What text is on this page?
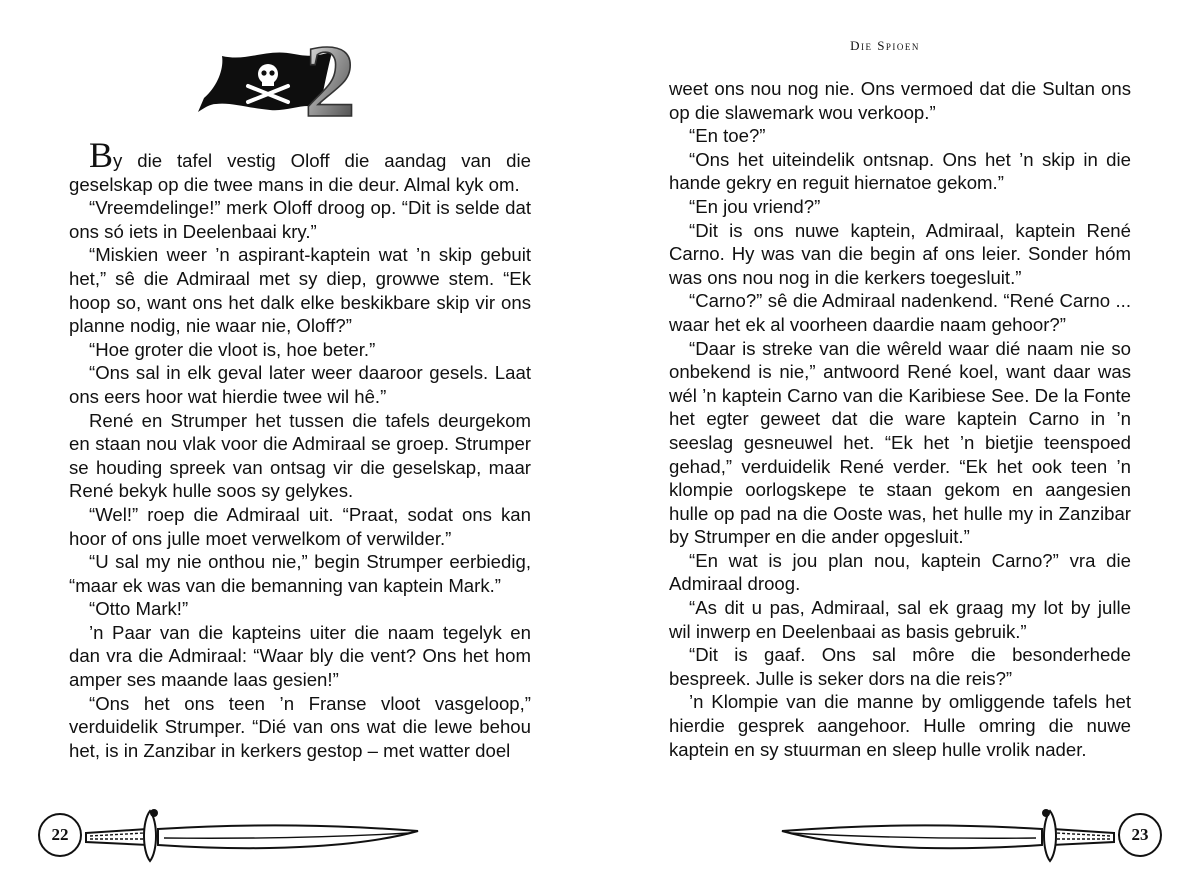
2

By die tafel vestig Oloff die aandag van die geselskap op die twee mans in die deur. Almal kyk om.

“Vreemdelinge!” merk Oloff droog op. “Dit is selde dat ons só iets in Deelenbaai kry.”

“Miskien weer ’n aspirant-kaptein wat ’n skip gebuit het,” sê die Admiraal met sy diep, growwe stem. “Ek hoop so, want ons het dalk elke beskikbare skip vir ons planne nodig, nie waar nie, Oloff?”

“Hoe groter die vloot is, hoe beter.”

“Ons sal in elk geval later weer daaroor gesels. Laat ons eers hoor wat hierdie twee wil hê.”

René en Strumper het tussen die tafels deurgekom en staan nou vlak voor die Admiraal se groep. Strumper se houding spreek van ontsag vir die geselskap, maar René bekyk hulle soos sy gelykes.

“Wel!” roep die Admiraal uit. “Praat, sodat ons kan hoor of ons julle moet verwelkom of verwilder.”

“U sal my nie onthou nie,” begin Strumper eerbiedig, “maar ek was van die bemanning van kaptein Mark.”

“Otto Mark!”

’n Paar van die kapteins uiter die naam tegelyk en dan vra die Admiraal: “Waar bly die vent? Ons het hom amper ses maande laas gesien!”

“Ons het ons teen ’n Franse vloot vasgeloop,” verduidelik Strumper. “Dié van ons wat die lewe behou het, is in Zanzibar in kerkers gestop – met watter doel

22
Die Spioen

weet ons nou nog nie. Ons vermoed dat die Sultan ons op die slawemark wou verkoop.”

“En toe?”

“Ons het uiteindelik ontsnap. Ons het ’n skip in die hande gekry en reguit hiernatoe gekom.”

“En jou vriend?”

“Dit is ons nuwe kaptein, Admiraal, kaptein René Carno. Hy was van die begin af ons leier. Sonder hóm was ons nou nog in die kerkers toegesluit.”

“Carno?” sê die Admiraal nadenkend. “René Carno ... waar het ek al voorheen daardie naam gehoor?”

“Daar is streke van die wêreld waar dié naam nie so onbekend is nie,” antwoord René koel, want daar was wél ’n kaptein Carno van die Karibiese See. De la Fonte het egter geweet dat die ware kaptein Carno in ’n seeslag gesneuwel het. “Ek het ’n bietjie teenspoed gehad,” verduidelik René verder. “Ek het ook teen ’n klompie oorlogskepe te staan gekom en aangesien hulle op pad na die Ooste was, het hulle my in Zanzibar by Strumper en die ander opgesluit.”

“En wat is jou plan nou, kaptein Carno?” vra die Admiraal droog.

“As dit u pas, Admiraal, sal ek graag my lot by julle wil inwerp en Deelenbaai as basis gebruik.”

“Dit is gaaf. Ons sal môre die besonderhede bespreek. Julle is seker dors na die reis?”

’n Klompie van die manne by omliggende tafels het hierdie gesprek aangehoor. Hulle omring die nuwe kaptein en sy stuurman en sleep hulle vrolik nader.

23
